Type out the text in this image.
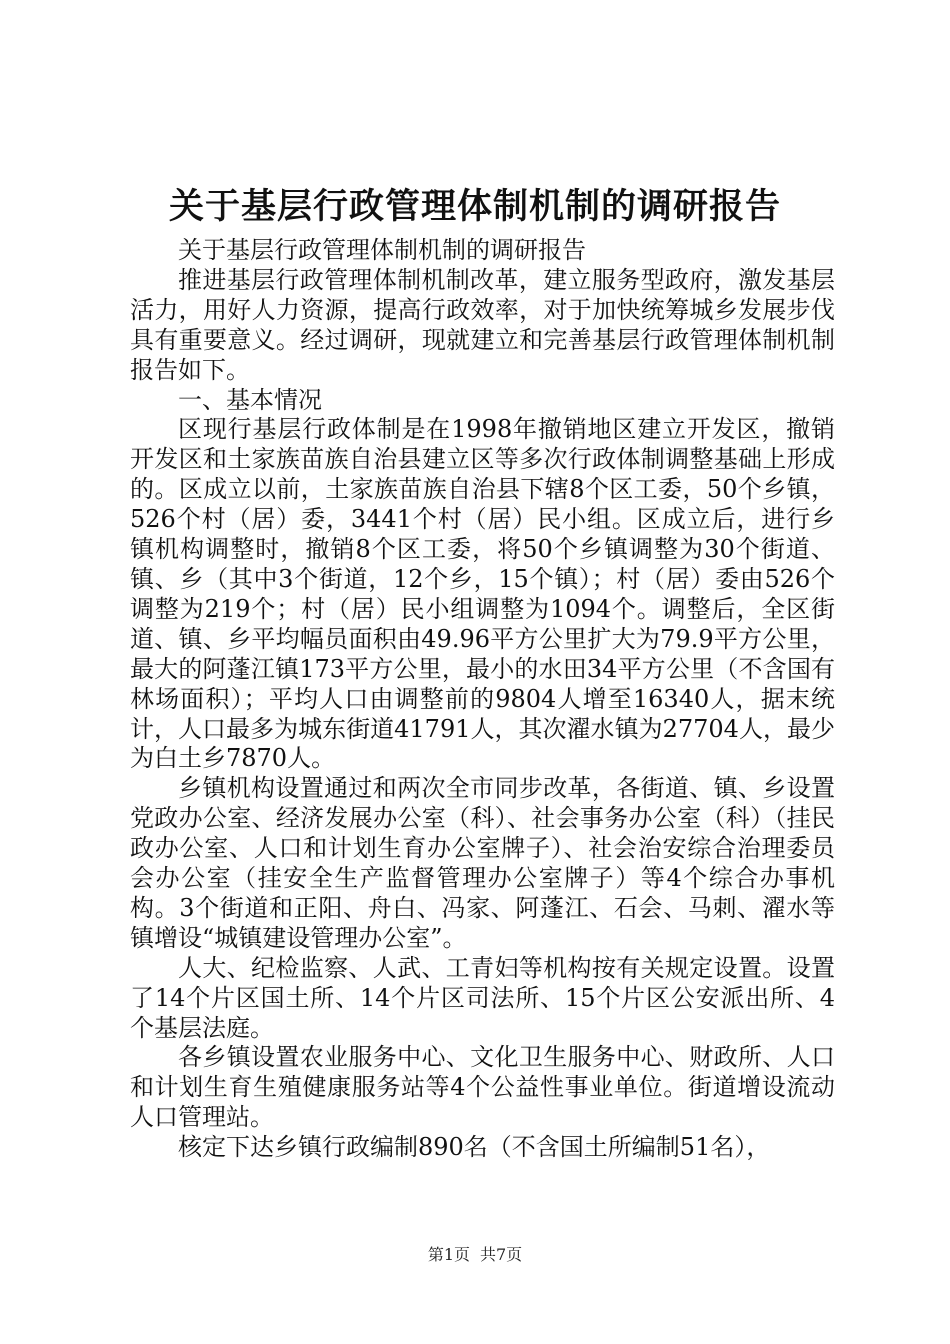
关于基层行政管理体制机制的调研报告

关于基层行政管理体制机制的调研报告

推进基层行政管理体制机制改革，建立服务型政府，激发基层活力，用好人力资源，提高行政效率，对于加快统筹城乡发展步伐具有重要意义。经过调研，现就建立和完善基层行政管理体制机制报告如下。

一、基本情况

区现行基层行政体制是在1998年撤销地区建立开发区，撤销开发区和土家族苗族自治县建立区等多次行政体制调整基础上形成的。区成立以前，土家族苗族自治县下辖8个区工委，50个乡镇，526个村（居）委，3441个村（居）民小组。区成立后，进行乡镇机构调整时，撤销8个区工委，将50个乡镇调整为30个街道、镇、乡（其中3个街道，12个乡，15个镇）；村（居）委由526个调整为219个；村（居）民小组调整为1094个。调整后，全区街道、镇、乡平均幅员面积由49.96平方公里扩大为79.9平方公里，最大的阿蓬江镇173平方公里，最小的水田34平方公里（不含国有林场面积）；平均人口由调整前的9804人增至16340人，据末统计，人口最多为城东街道41791人，其次濯水镇为27704人，最少为白土乡7870人。

乡镇机构设置通过和两次全市同步改革，各街道、镇、乡设置党政办公室、经济发展办公室（科）、社会事务办公室（科）（挂民政办公室、人口和计划生育办公室牌子）、社会治安综合治理委员会办公室（挂安全生产监督管理办公室牌子）等4个综合办事机构。3个街道和正阳、舟白、冯家、阿蓬江、石会、马刺、濯水等镇增设“城镇建设管理办公室”。

人大、纪检监察、人武、工青妇等机构按有关规定设置。设置了14个片区国土所、14个片区司法所、15个片区公安派出所、4个基层法庭。

各乡镇设置农业服务中心、文化卫生服务中心、财政所、人口和计划生育生殖健康服务站等4个公益性事业单位。街道增设流动人口管理站。

核定下达乡镇行政编制890名（不含国土所编制51名），

第1页 共7页
